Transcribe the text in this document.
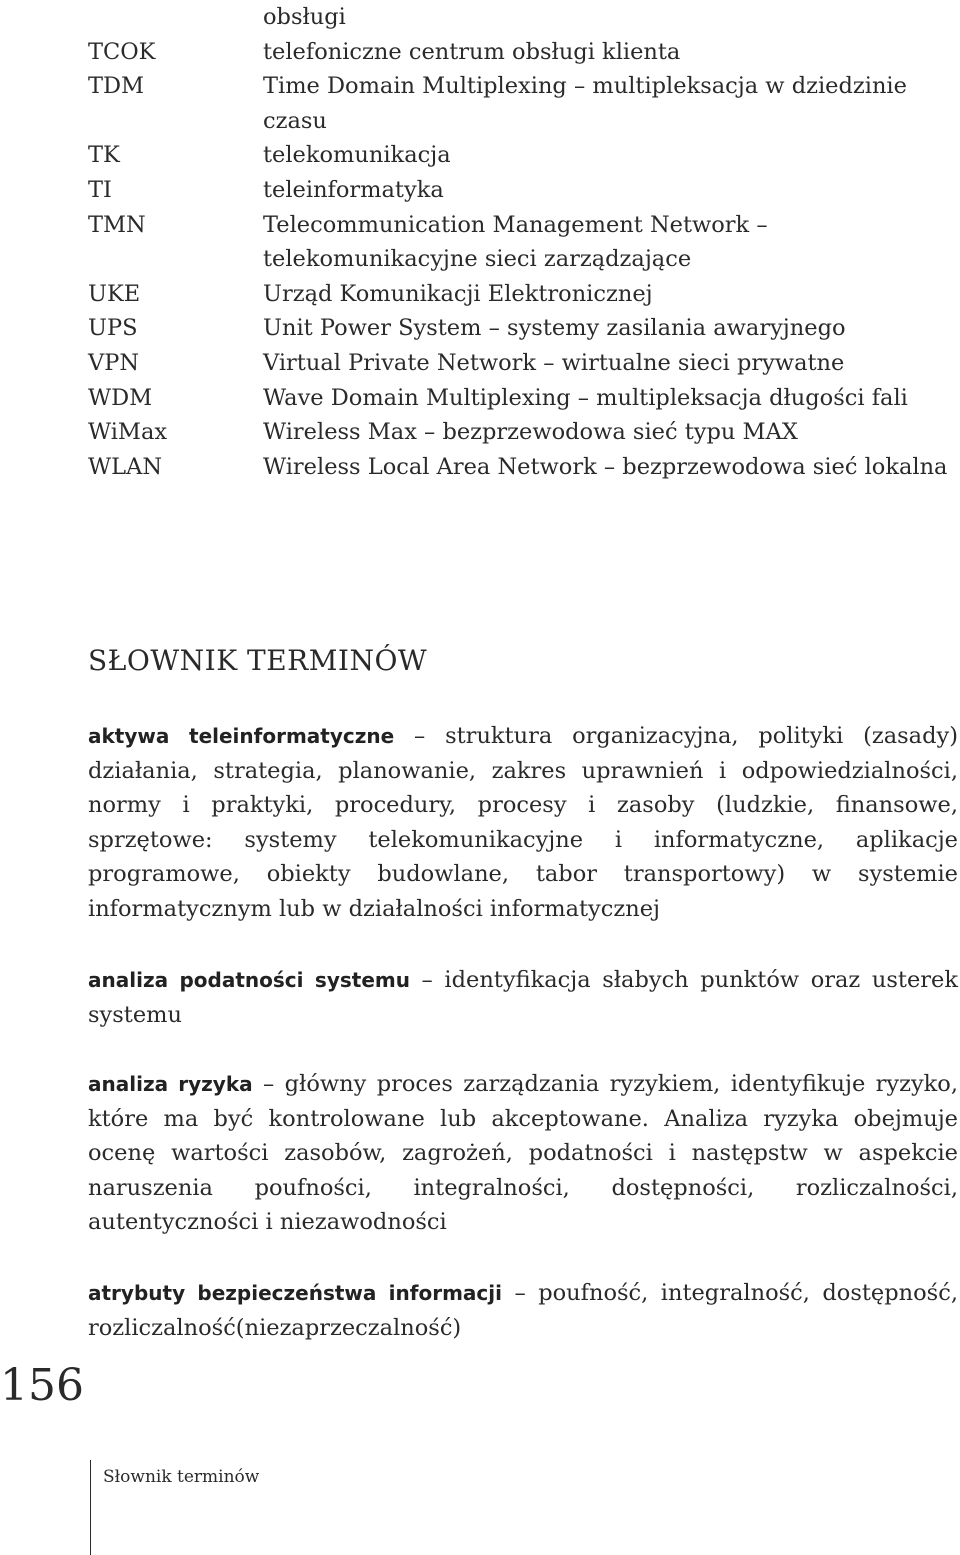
obsługi
TCOK	telefoniczne centrum obsługi klienta
TDM	Time Domain Multiplexing – multipleksacja w dziedzinie czasu
TK	telekomunikacja
TI	teleinformatyka
TMN	Telecommunication Management Network – telekomunikacyjne sieci zarządzające
UKE	Urząd Komunikacji Elektronicznej
UPS	Unit Power System – systemy zasilania awaryjnego
VPN	Virtual Private Network – wirtualne sieci prywatne
WDM	Wave Domain Multiplexing – multipleksacja długości fali
WiMax	Wireless Max – bezprzewodowa sieć typu MAX
WLAN	Wireless Local Area Network – bezprzewodowa sieć lokalna
SŁOWNIK TERMINÓW
aktywa teleinformatyczne – struktura organizacyjna, polityki (zasady) działania, strategia, planowanie, zakres uprawnień i odpowiedzialności, normy i praktyki, procedury, procesy i zasoby (ludzkie, finansowe, sprzętowe: systemy telekomunikacyjne i informatyczne, aplikacje programowe, obiekty budowlane, tabor transportowy) w systemie informatycznym lub w działalności informatycznej
analiza podatności systemu – identyfikacja słabych punktów oraz usterek systemu
analiza ryzyka – główny proces zarządzania ryzykiem, identyfikuje ryzyko, które ma być kontrolowane lub akceptowane. Analiza ryzyka obejmuje ocenę wartości zasobów, zagrożeń, podatności i następstw w aspekcie naruszenia poufności, integralności, dostępności, rozliczalności, autentyczności i niezawodności
atrybuty bezpieczeństwa informacji – poufność, integralność, dostępność, rozliczalność(niezaprzeczalność)
156
Słownik terminów
